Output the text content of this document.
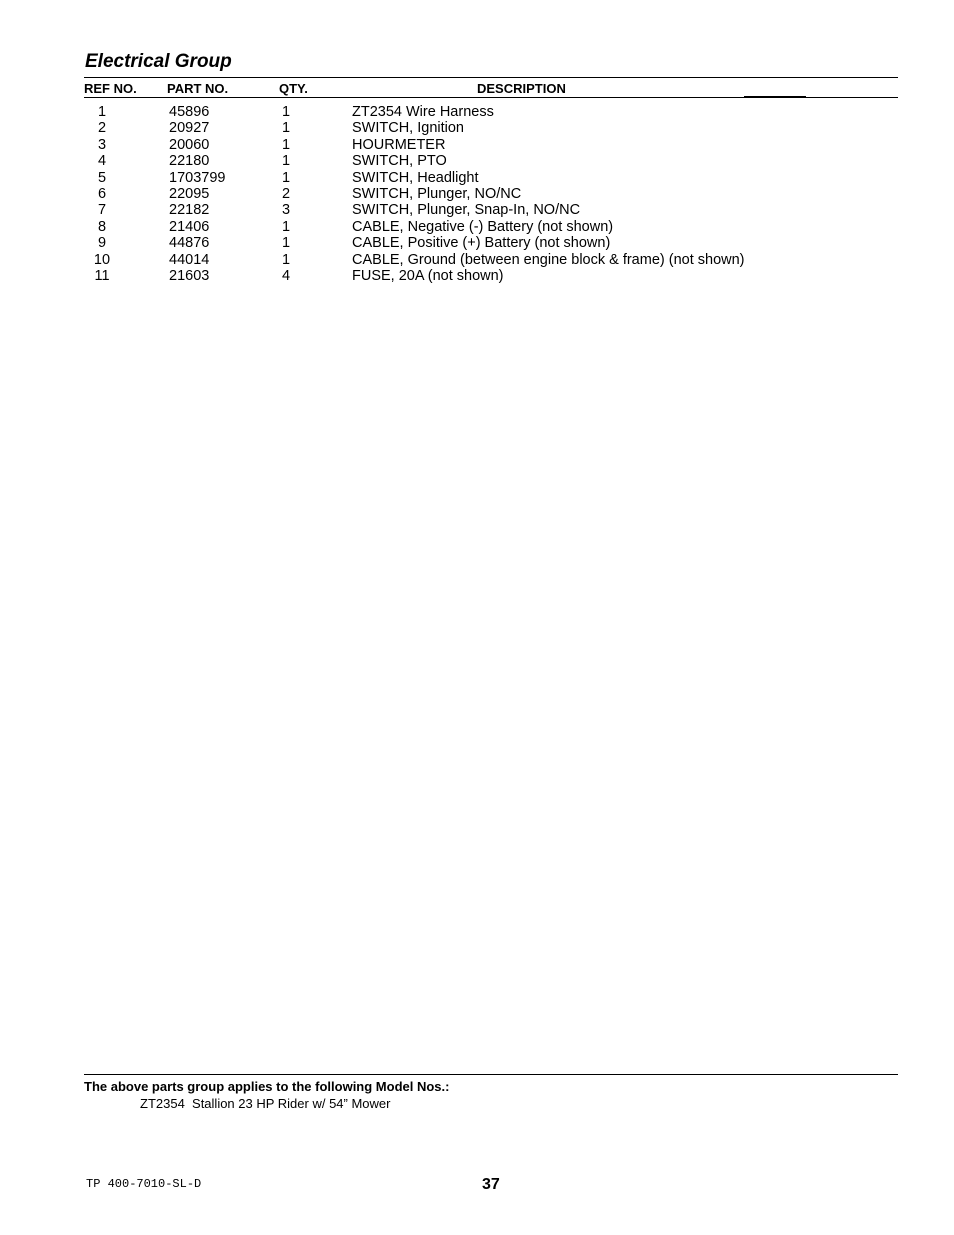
Electrical Group
REF NO. PART NO.	QTY.	DESCRIPTION
1	45896	1	ZT2354 Wire Harness
2	20927	1	SWITCH, Ignition
3	20060	1	HOURMETER
4	22180	1	SWITCH, PTO
5	1703799	1	SWITCH, Headlight
6	22095	2	SWITCH, Plunger, NO/NC
7	22182	3	SWITCH, Plunger, Snap-In, NO/NC
8	21406	1	CABLE, Negative (-) Battery (not shown)
9	44876	1	CABLE, Positive (+) Battery (not shown)
10	44014	1	CABLE, Ground (between engine block & frame) (not shown)
11	21603	4	FUSE, 20A (not shown)
The above parts group applies to the following Model Nos.:
ZT2354  Stallion 23 HP Rider w/ 54” Mower
TP 400-7010-SL-D	37
